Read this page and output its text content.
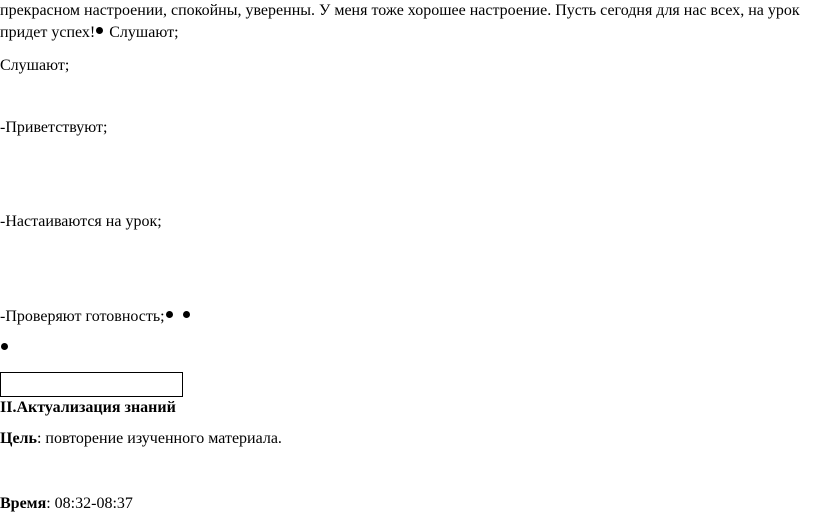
прекрасном настроении, спокойны, уверенны. У меня тоже хорошее настроение. Пусть сегодня для нас всех, на урок
придет успех! Слушают;
Слушают;
-Приветствуют;
-Настаиваются на урок;
-Проверяют готовность;
II.Актуализация знаний
Цель: повторение изученного материала.
Время: 08:32-08:37
